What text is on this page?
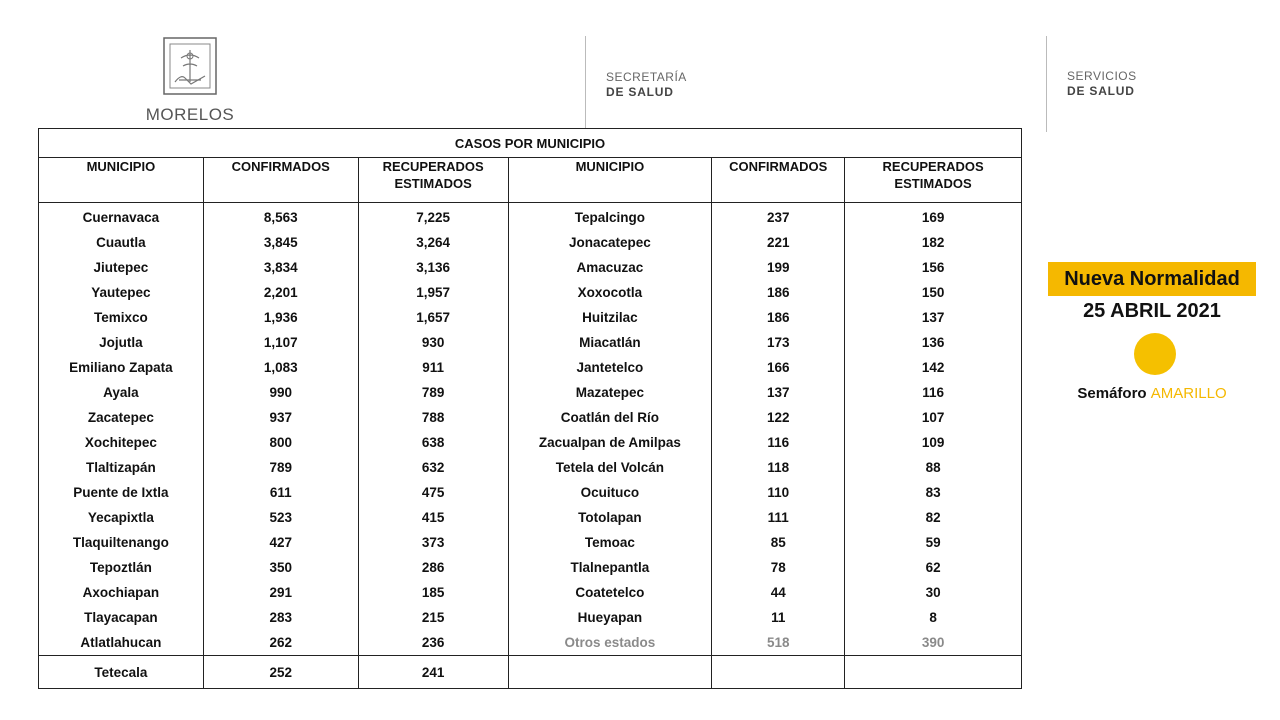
MORELOS
SECRETARÍA
DE SALUD
SERVICIOS
DE SALUD
CASOS POR MUNICIPIO					
MUNICIPIO	CONFIRMADOS	RECUPERADOS ESTIMADOS	MUNICIPIO	CONFIRMADOS	RECUPERADOS ESTIMADOS
Cuernavaca	8,563	7,225	Tepalcingo	237	169
Cuautla	3,845	3,264	Jonacatepec	221	182
Jiutepec	3,834	3,136	Amacuzac	199	156
Yautepec	2,201	1,957	Xoxocotla	186	150
Temixco	1,936	1,657	Huitzilac	186	137
Jojutla	1,107	930	Miacatlán	173	136
Emiliano Zapata	1,083	911	Jantetelco	166	142
Ayala	990	789	Mazatepec	137	116
Zacatepec	937	788	Coatlán del Río	122	107
Xochitepec	800	638	Zacualpan de Amilpas	116	109
Tlaltizapán	789	632	Tetela del Volcán	118	88
Puente de Ixtla	611	475	Ocuituco	110	83
Yecapixtla	523	415	Totolapan	111	82
Tlaquiltenango	427	373	Temoac	85	59
Tepoztlán	350	286	Tlalnepantla	78	62
Axochiapan	291	185	Coatetelco	44	30
Tlayacapan	283	215	Hueyapan	11	8
Atlatlahucan	262	236	Otros estados	518	390
Tetecala	252	241			
Nueva Normalidad
25 ABRIL 2021
Semáforo AMARILLO
